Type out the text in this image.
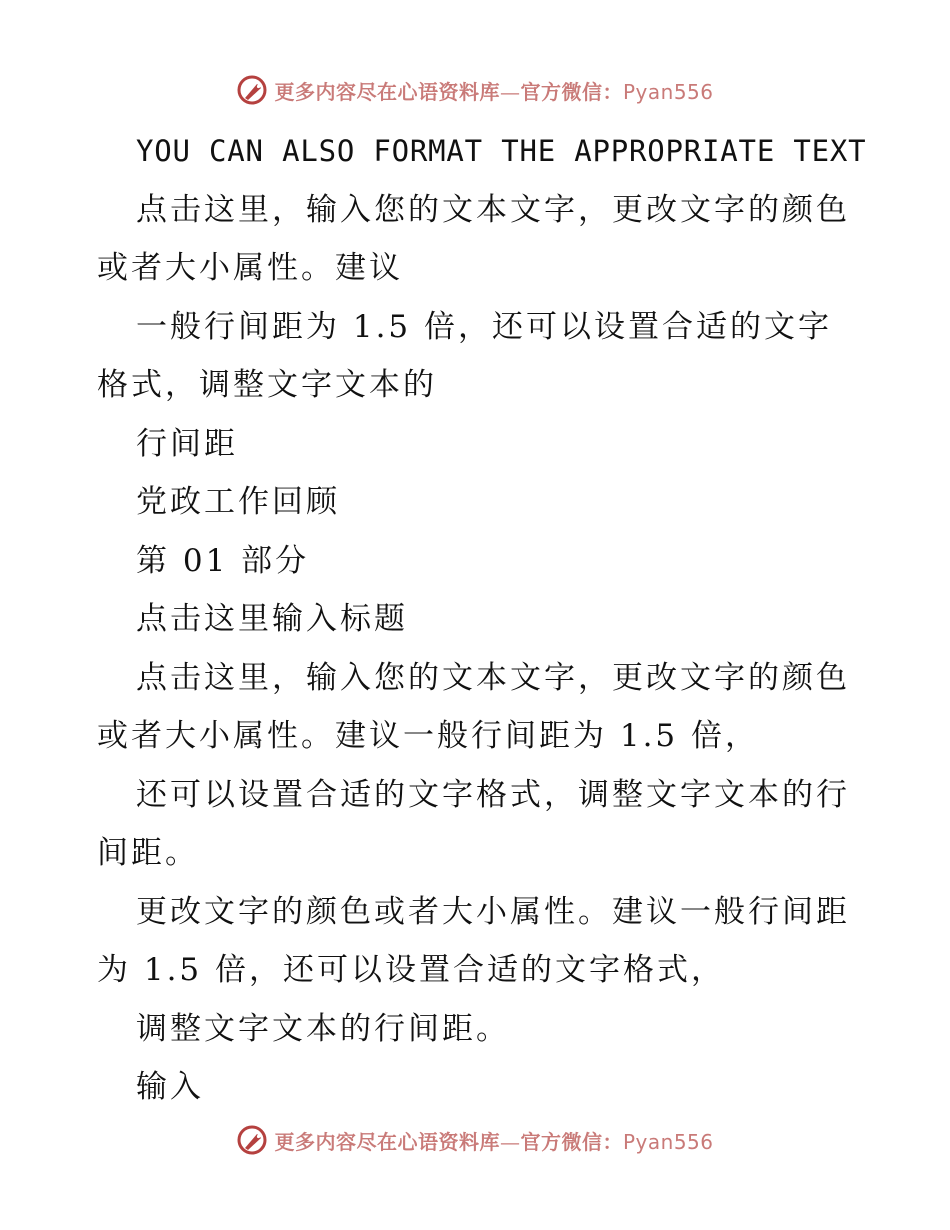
更多内容尽在心语资料库—官方微信：Pyan556
YOU CAN ALSO FORMAT THE APPROPRIATE TEXT
点击这里，输入您的文本文字，更改文字的颜色
或者大小属性。建议
一般行间距为 1.5 倍，还可以设置合适的文字
格式，调整文字文本的
行间距
党政工作回顾
第 01 部分
点击这里输入标题
点击这里，输入您的文本文字，更改文字的颜色
或者大小属性。建议一般行间距为 1.5 倍，
还可以设置合适的文字格式，调整文字文本的行
间距。
更改文字的颜色或者大小属性。建议一般行间距
为 1.5 倍，还可以设置合适的文字格式，
调整文字文本的行间距。
输入
更多内容尽在心语资料库—官方微信：Pyan556
